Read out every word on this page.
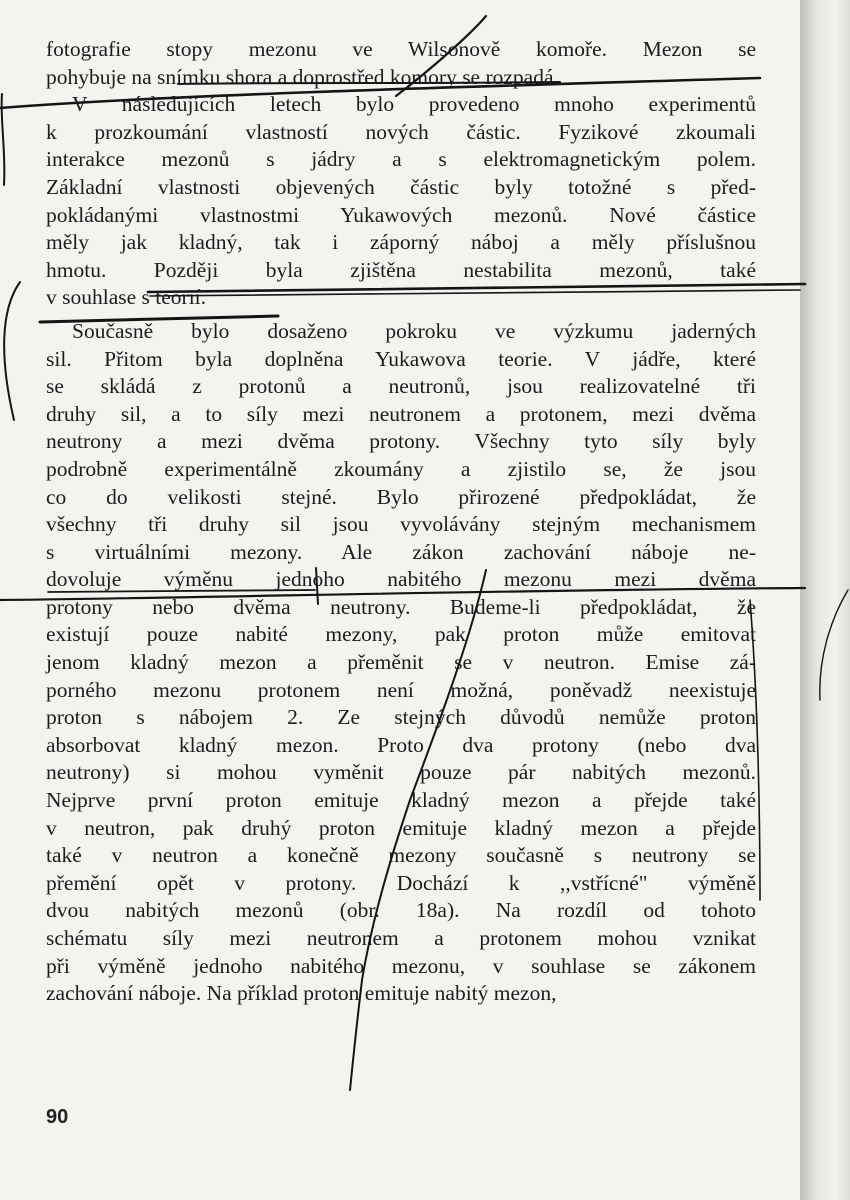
fotografie stopy mezonu ve Wilsonově komoře. Mezon se
pohybuje na snímku shora a doprostřed komory se rozpadá.
V následujících letech bylo provedeno mnoho experimentů
k prozkoumání vlastností nových částic. Fyzikové zkoumali
interakce mezonů s jádry a s elektromagnetickým polem.
Základní vlastnosti objevených částic byly totožné s před-
pokládanými vlastnostmi Yukawových mezonů. Nové částice
měly jak kladný, tak i záporný náboj a měly příslušnou
hmotu. Později byla zjištěna nestabilita mezonů, také
v souhlase s teorií.
Současně bylo dosaženo pokroku ve výzkumu jaderných
sil. Přitom byla doplněna Yukawova teorie. V jádře, které
se skládá z protonů a neutronů, jsou realizovatelné tři
druhy sil, a to síly mezi neutronem a protonem, mezi dvěma
neutrony a mezi dvěma protony. Všechny tyto síly byly
podrobně experimentálně zkoumány a zjistilo se, že jsou
co do velikosti stejné. Bylo přirozené předpokládat, že
všechny tři druhy sil jsou vyvolávány stejným mechanismem
s virtuálními mezony. Ale zákon zachování náboje ne-
dovoluje výměnu jednoho nabitého mezonu mezi dvěma
protony nebo dvěma neutrony. Budeme-li předpokládat, že
existují pouze nabité mezony, pak proton může emitovat
jenom kladný mezon a přeměnit se v neutron. Emise zá-
porného mezonu protonem není možná, poněvadž neexistuje
proton s nábojem 2. Ze stejných důvodů nemůže proton
absorbovat kladný mezon. Proto dva protony (nebo dva
neutrony) si mohou vyměnit pouze pár nabitých mezonů.
Nejprve první proton emituje kladný mezon a přejde také
v neutron, pak druhý proton emituje kladný mezon a přejde
také v neutron a konečně mezony současně s neutrony se
přemění opět v protony. Dochází k ,,vstřícné" výměně
dvou nabitých mezonů (obr. 18a). Na rozdíl od tohoto
schématu síly mezi neutronem a protonem mohou vznikat
při výměně jednoho nabitého mezonu, v souhlase se zákonem
zachování náboje. Na příklad proton emituje nabitý mezon,
90
